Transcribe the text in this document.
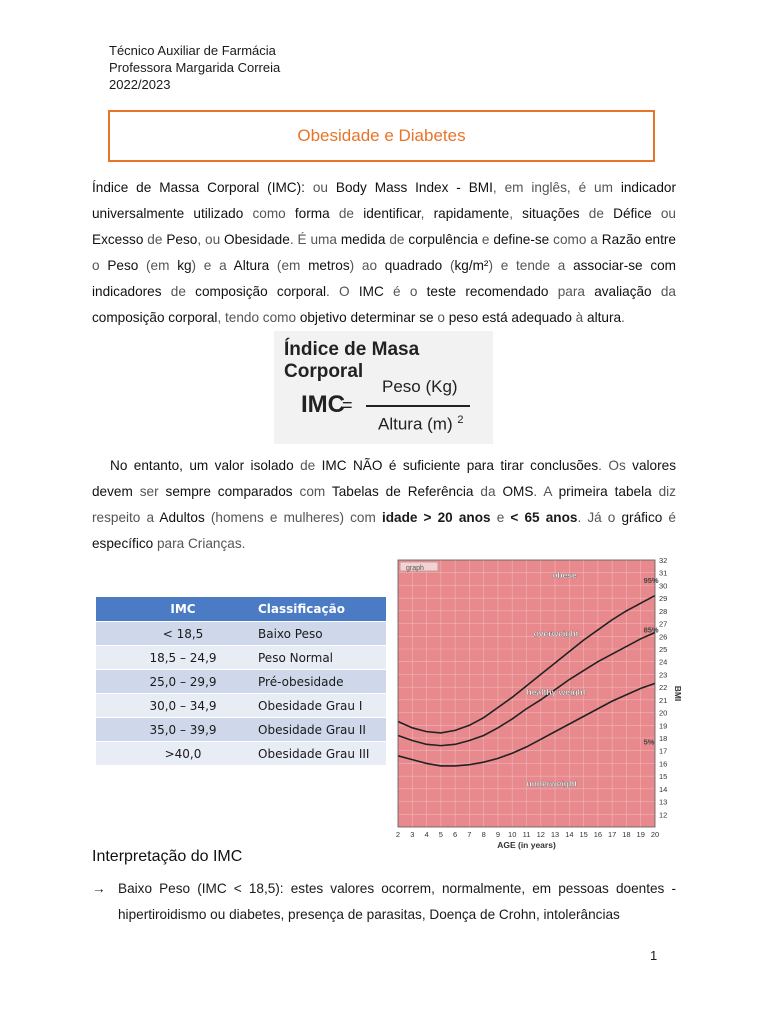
Técnico Auxiliar de Farmácia
Professora Margarida Correia
2022/2023
Obesidade e Diabetes
Índice de Massa Corporal (IMC): ou Body Mass Index - BMI, em inglês, é um indicador universalmente utilizado como forma de identificar, rapidamente, situações de Défice ou Excesso de Peso, ou Obesidade. É uma medida de corpulência e define-se como a Razão entre o Peso (em kg) e a Altura (em metros) ao quadrado (kg/m²) e tende a associar-se com indicadores de composição corporal. O IMC é o teste recomendado para avaliação da composição corporal, tendo como objetivo determinar se o peso está adequado à altura.
Índice de Masa Corporal
IMC
=
Peso (Kg)
Altura (m) $^2$
No entanto, um valor isolado de IMC NÃO é suficiente para tirar conclusões. Os valores devem ser sempre comparados com Tabelas de Referência da OMS. A primeira tabela diz respeito a Adultos (homens e mulheres) com idade > 20 anos e < 65 anos. Já o gráfico é específico para Crianças.
	IMC	Classificação
	< 18,5	Baixo Peso
	18,5 – 24,9	Peso Normal
	25,0 – 29,9	Pré-obesidade
	30,0 – 34,9	Obesidade Grau I
	35,0 – 39,9	Obesidade Grau II
	>40,0	Obesidade Grau III
graph
obese
overweight
healthy weight
underweight
95%
85%
5%
12
13
14
15
16
17
18
19
20
21
22
23
24
25
26
27
28
29
30
31
32
2 3 4 5 6 7 8 9 10 11 12 13 14 15 16 17 18 19 20
AGE (in years)
BMI
Interpretação do IMC
→ Baixo Peso (IMC < 18,5): estes valores ocorrem, normalmente, em pessoas doentes - hipertiroidismo ou diabetes, presença de parasitas, Doença de Crohn, intolerâncias
1
